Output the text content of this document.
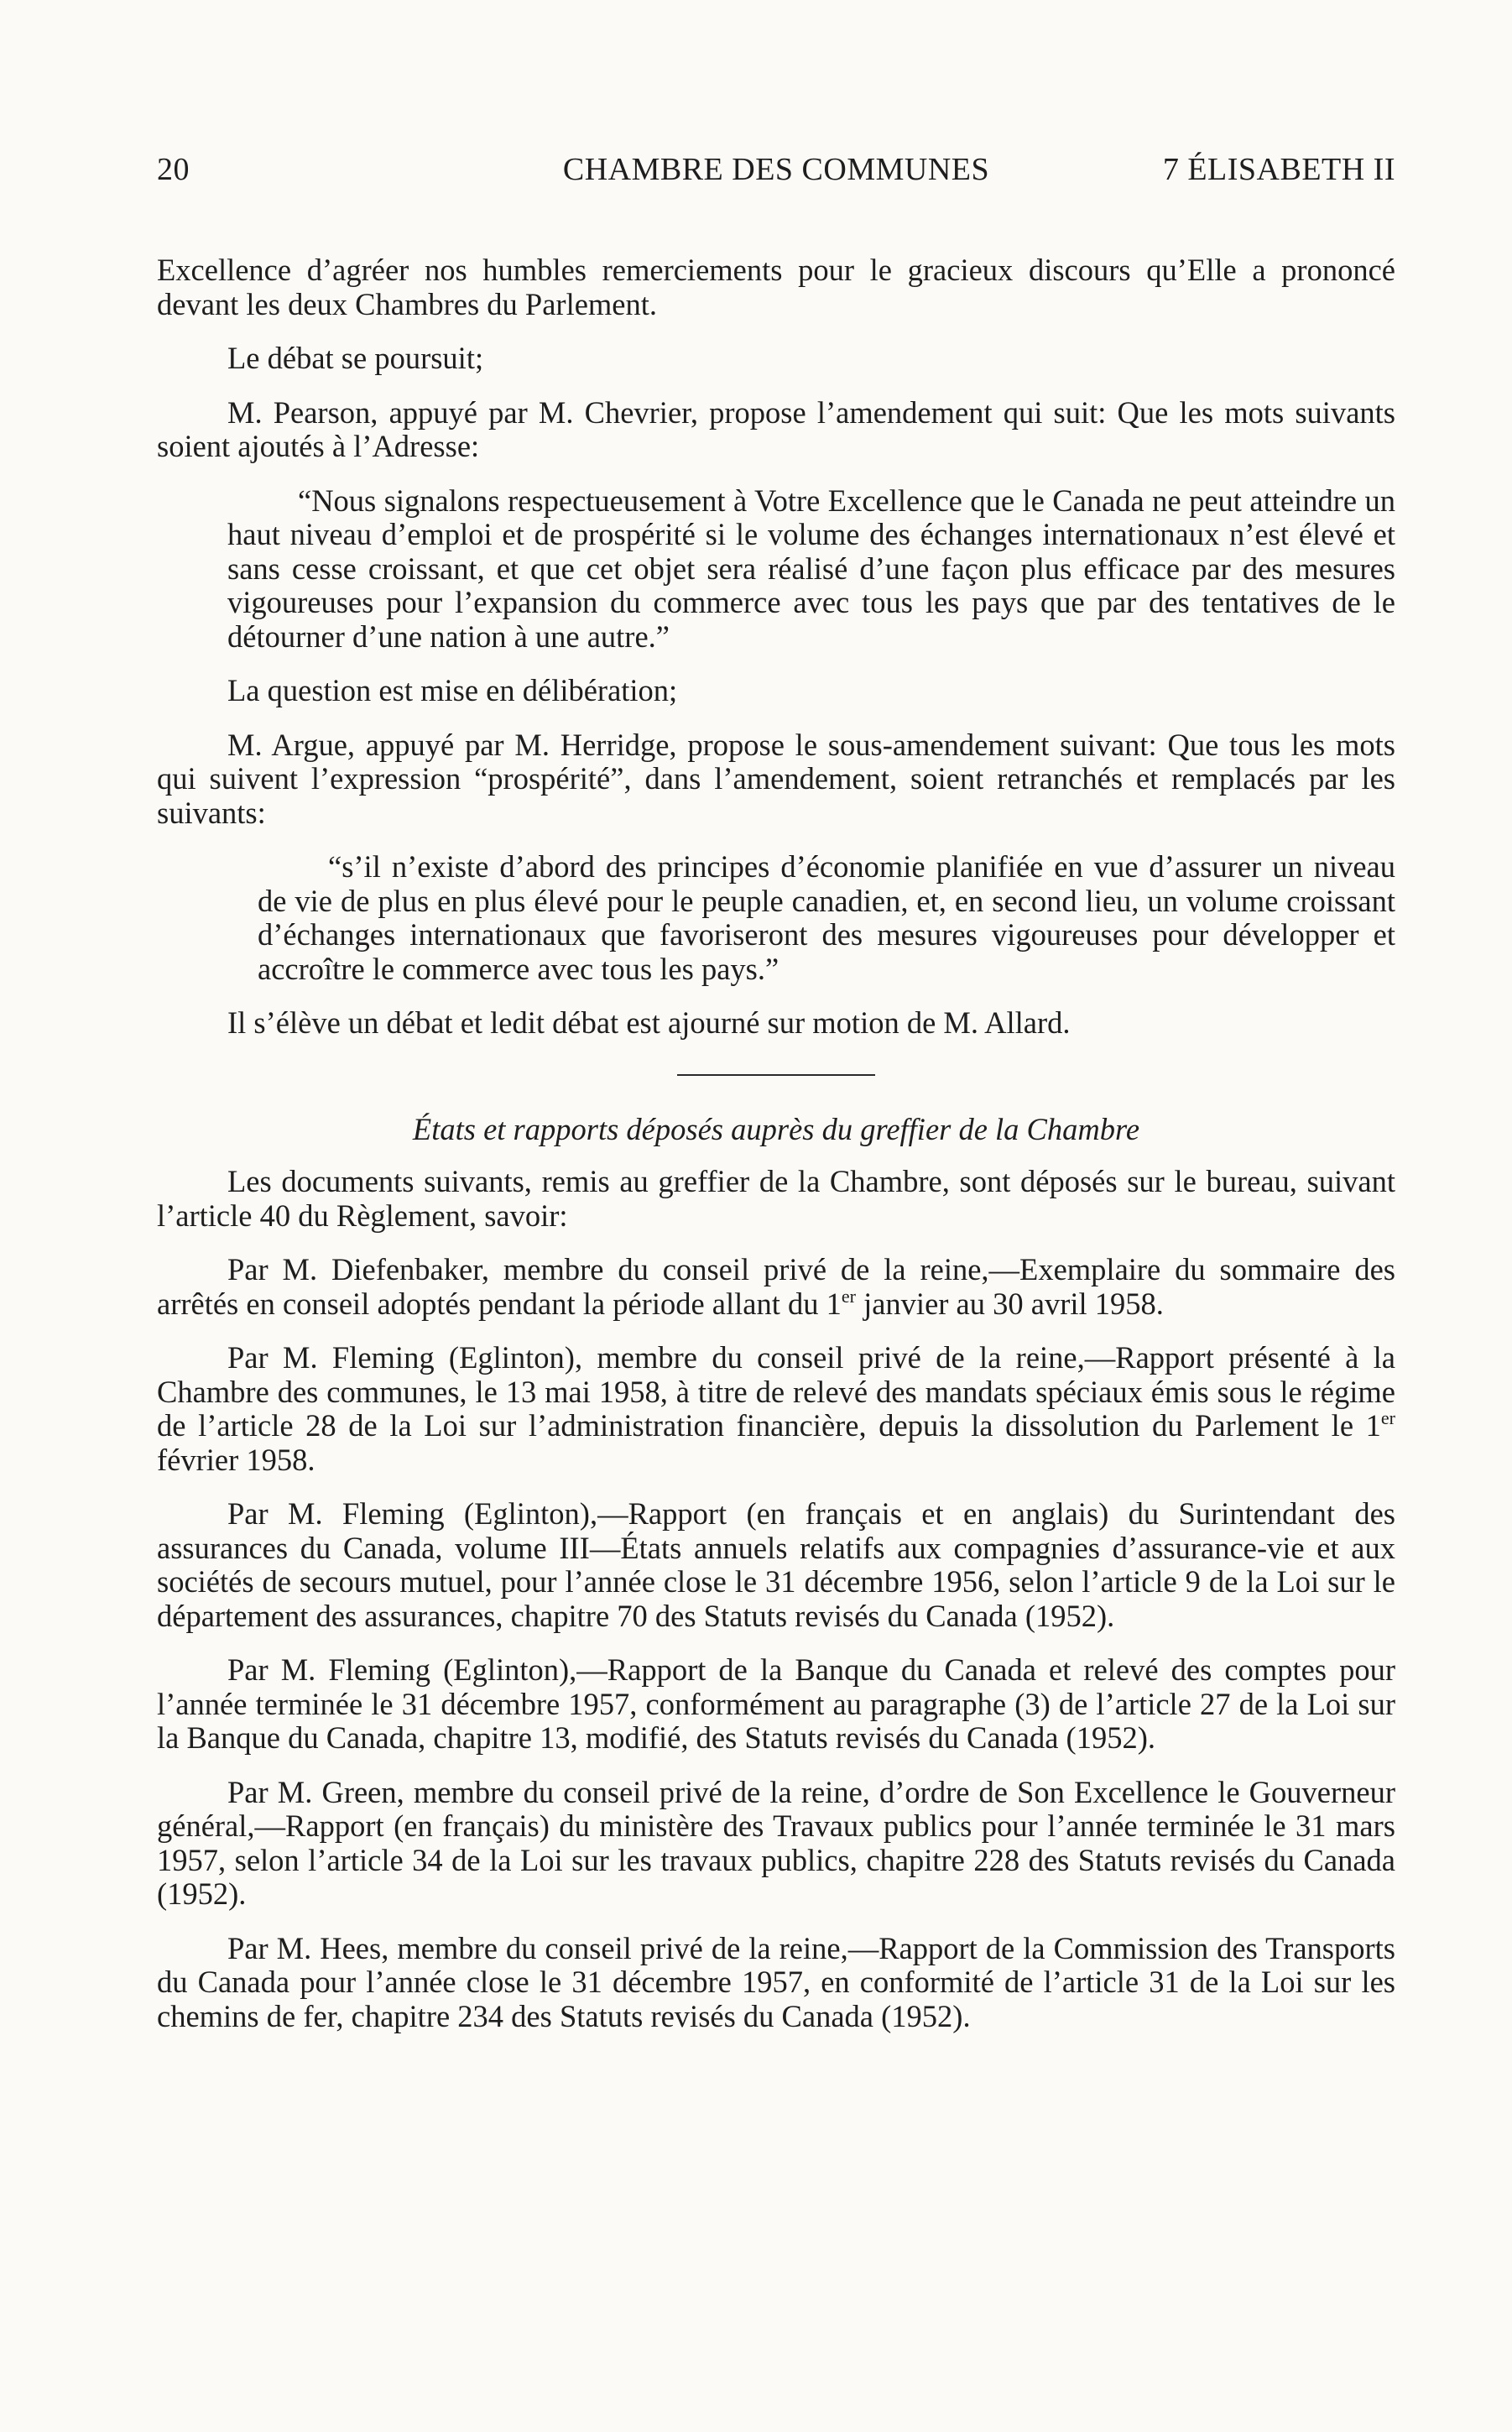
20	CHAMBRE DES COMMUNES	7 ÉLISABETH II

Excellence d’agréer nos humbles remerciements pour le gracieux discours qu’Elle a prononcé devant les deux Chambres du Parlement.

Le débat se poursuit;

M. Pearson, appuyé par M. Chevrier, propose l’amendement qui suit: Que les mots suivants soient ajoutés à l’Adresse:

“Nous signalons respectueusement à Votre Excellence que le Canada ne peut atteindre un haut niveau d’emploi et de prospérité si le volume des échanges internationaux n’est élevé et sans cesse croissant, et que cet objet sera réalisé d’une façon plus efficace par des mesures vigoureuses pour l’expansion du commerce avec tous les pays que par des tentatives de le détourner d’une nation à une autre.”

La question est mise en délibération;

M. Argue, appuyé par M. Herridge, propose le sous-amendement suivant: Que tous les mots qui suivent l’expression “prospérité”, dans l’amendement, soient retranchés et remplacés par les suivants:

“s’il n’existe d’abord des principes d’économie planifiée en vue d’assurer un niveau de vie de plus en plus élevé pour le peuple canadien, et, en second lieu, un volume croissant d’échanges internationaux que favoriseront des mesures vigoureuses pour développer et accroître le commerce avec tous les pays.”

Il s’élève un débat et ledit débat est ajourné sur motion de M. Allard.

États et rapports déposés auprès du greffier de la Chambre

Les documents suivants, remis au greffier de la Chambre, sont déposés sur le bureau, suivant l’article 40 du Règlement, savoir:

Par M. Diefenbaker, membre du conseil privé de la reine,—Exemplaire du sommaire des arrêtés en conseil adoptés pendant la période allant du 1er janvier au 30 avril 1958.

Par M. Fleming (Eglinton), membre du conseil privé de la reine,—Rapport présenté à la Chambre des communes, le 13 mai 1958, à titre de relevé des mandats spéciaux émis sous le régime de l’article 28 de la Loi sur l’administration financière, depuis la dissolution du Parlement le 1er février 1958.

Par M. Fleming (Eglinton),—Rapport (en français et en anglais) du Surintendant des assurances du Canada, volume III—États annuels relatifs aux compagnies d’assurance-vie et aux sociétés de secours mutuel, pour l’année close le 31 décembre 1956, selon l’article 9 de la Loi sur le département des assurances, chapitre 70 des Statuts revisés du Canada (1952).

Par M. Fleming (Eglinton),—Rapport de la Banque du Canada et relevé des comptes pour l’année terminée le 31 décembre 1957, conformément au paragraphe (3) de l’article 27 de la Loi sur la Banque du Canada, chapitre 13, modifié, des Statuts revisés du Canada (1952).

Par M. Green, membre du conseil privé de la reine, d’ordre de Son Excellence le Gouverneur général,—Rapport (en français) du ministère des Travaux publics pour l’année terminée le 31 mars 1957, selon l’article 34 de la Loi sur les travaux publics, chapitre 228 des Statuts revisés du Canada (1952).

Par M. Hees, membre du conseil privé de la reine,—Rapport de la Commission des Transports du Canada pour l’année close le 31 décembre 1957, en conformité de l’article 31 de la Loi sur les chemins de fer, chapitre 234 des Statuts revisés du Canada (1952).
